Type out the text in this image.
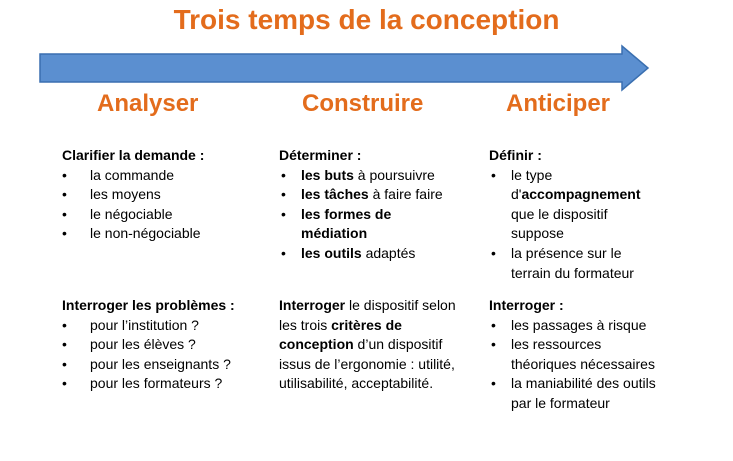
Trois temps de la conception
Analyser	Construire	Anticiper
Clarifier la demande :
• la commande
• les moyens
• le négociable
• le non-négociable
Interroger les problèmes :
• pour l’institution ?
• pour les élèves ?
• pour les enseignants ?
• pour les formateurs ?
Déterminer :
• les buts à poursuivre
• les tâches à faire faire
• les formes de médiation
• les outils adaptés

Interroger le dispositif selon les trois critères de conception d’un dispositif issus de l’ergonomie : utilité, utilisabilité, acceptabilité.

Définir :
• le type d'accompagnement que le dispositif suppose
• la présence sur le terrain du formateur
Interroger :
• les passages à risque
• les ressources théoriques nécessaires
• la maniabilité des outils par le formateur
